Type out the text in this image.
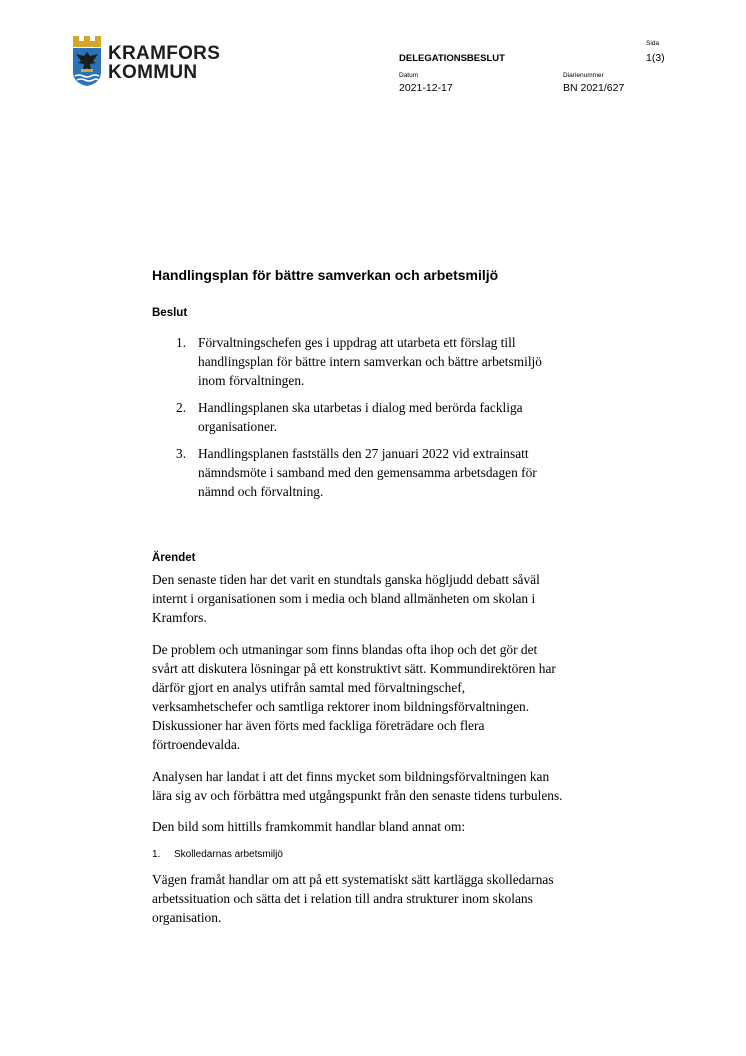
KRAMFORS
KOMMUN
DELEGATIONSBESLUT
Sida
1(3)
Datum
2021-12-17
Diarienummer
BN 2021/627
Handlingsplan för bättre samverkan och arbetsmiljö
Beslut
1. Förvaltningschefen ges i uppdrag att utarbeta ett förslag till
handlingsplan för bättre intern samverkan och bättre arbetsmiljö
inom förvaltningen.
2. Handlingsplanen ska utarbetas i dialog med berörda fackliga
organisationer.
3. Handlingsplanen fastställs den 27 januari 2022 vid extrainsatt
nämndsmöte i samband med den gemensamma arbetsdagen för
nämnd och förvaltning.
Ärendet

Den senaste tiden har det varit en stundtals ganska högljudd debatt såväl
internt i organisationen som i media och bland allmänheten om skolan i
Kramfors.

De problem och utmaningar som finns blandas ofta ihop och det gör det
svårt att diskutera lösningar på ett konstruktivt sätt. Kommundirektören har
därför gjort en analys utifrån samtal med förvaltningschef,
verksamhetschefer och samtliga rektorer inom bildningsförvaltningen.
Diskussioner har även förts med fackliga företrädare och flera
förtroendevalda.

Analysen har landat i att det finns mycket som bildningsförvaltningen kan
lära sig av och förbättra med utgångspunkt från den senaste tidens turbulens.

Den bild som hittills framkommit handlar bland annat om:

1. Skolledarnas arbetsmiljö

Vägen framåt handlar om att på ett systematiskt sätt kartlägga skolledarnas
arbetssituation och sätta det i relation till andra strukturer inom skolans
organisation.
